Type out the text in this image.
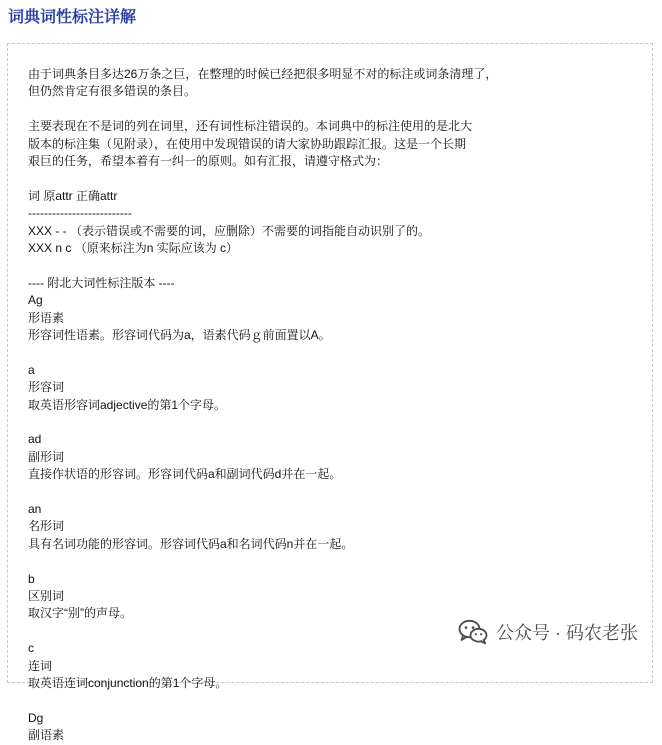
词典词性标注详解

由于词典条目多达26万条之巨，在整理的时候已经把很多明显不对的标注或词条清理了，

但仍然肯定有很多错误的条目。

主要表现在不是词的列在词里，还有词性标注错误的。本词典中的标注使用的是北大

版本的标注集（见附录），在使用中发现错误的请大家协助跟踪汇报。这是一个长期

艰巨的任务，希望本着有一纠一的原则。如有汇报，请遵守格式为：

词 原attr 正确attr

--------------------------

XXX - - （表示错误或不需要的词，应删除）不需要的词指能自动识别了的。

XXX n c （原来标注为n 实际应该为 c）

---- 附北大词性标注版本 ----

Ag

形语素

形容词性语素。形容词代码为a，语素代码ｇ前面置以A。

a

形容词

取英语形容词adjective的第1个字母。

ad

副形词

直接作状语的形容词。形容词代码a和副词代码d并在一起。

an

名形词

具有名词功能的形容词。形容词代码a和名词代码n并在一起。

b

区别词

取汉字“别”的声母。

c

连词

取英语连词conjunction的第1个字母。

Dg

副语素

公众号 · 码农老张
